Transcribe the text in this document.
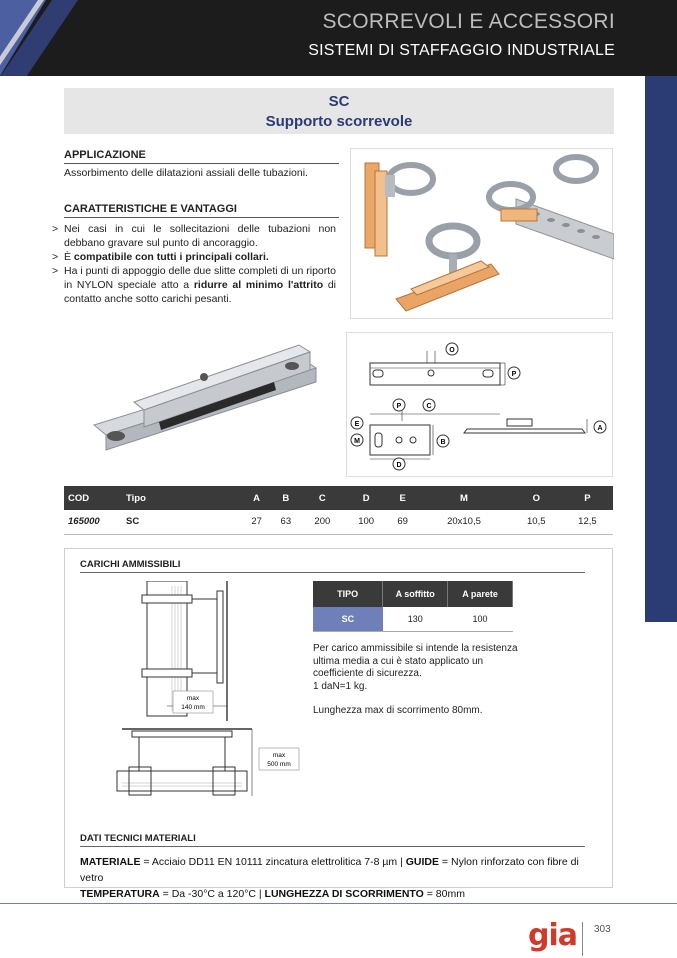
SCORREVOLI E ACCESSORI
SISTEMI DI STAFFAGGIO INDUSTRIALE
SC
Supporto scorrevole
APPLICAZIONE
Assorbimento delle dilatazioni assiali delle tubazioni.
CARATTERISTICHE E VANTAGGI
> Nei casi in cui le sollecitazioni delle tubazioni non debbano gravare sul punto di ancoraggio.
> È compatibile con tutti i principali collari.
> Ha i punti di appoggio delle due slitte completi di un riporto in NYLON speciale atto a ridurre al minimo l'attrito di contatto anche sotto carichi pesanti.
O
P
P	C
E
M	B
D
A
COD	Tipo	A	B	C	D	E	M	O	P
165000	SC	27	63	200	100	69	20x10,5	10,5	12,5
CARICHI AMMISSIBILI
max
140 mm
max
500 mm
TIPO	A soffitto	A parete
SC	130	100
Per carico ammissibile si intende la resistenza ultima media a cui è stato applicato un coefficiente di sicurezza.
1 daN=1 kg.
Lunghezza max di scorrimento 80mm.
DATI TECNICI MATERIALI
MATERIALE = Acciaio DD11 EN 10111 zincatura elettrolitica 7-8 µm | GUIDE = Nylon rinforzato con fibre di vetro
TEMPERATURA = Da -30°C a 120°C | LUNGHEZZA DI SCORRIMENTO = 80mm
gia 303
